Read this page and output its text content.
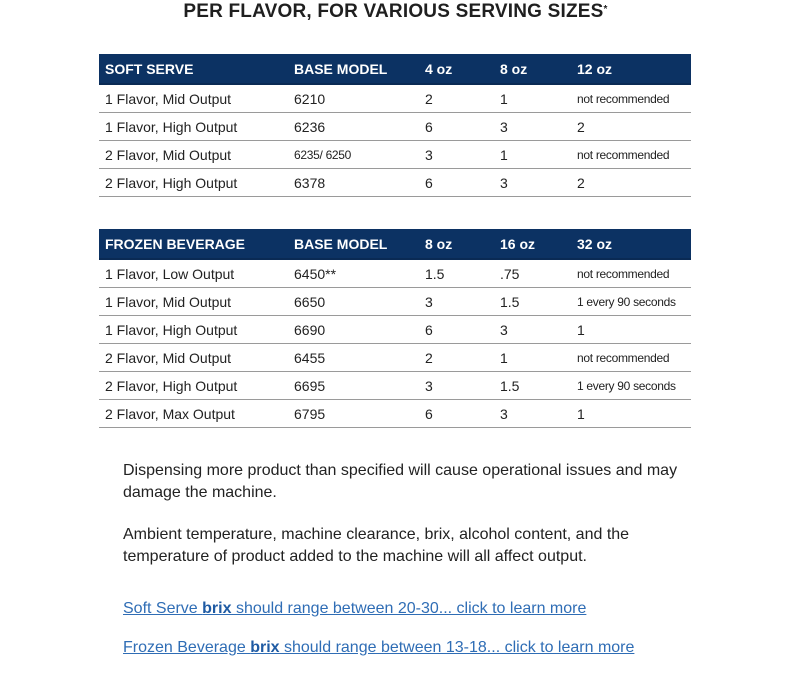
PER FLAVOR, FOR VARIOUS SERVING SIZES*
SOFT SERVE	BASE MODEL	4 oz	8 oz	12 oz
1 Flavor, Mid Output	6210	2	1	not recommended
1 Flavor, High Output	6236	6	3	2
2 Flavor, Mid Output	6235/ 6250	3	1	not recommended
2 Flavor, High Output	6378	6	3	2
FROZEN BEVERAGE	BASE MODEL	8 oz	16 oz	32 oz
1 Flavor, Low Output	6450**	1.5	.75	not recommended
1 Flavor, Mid Output	6650	3	1.5	1 every 90 seconds
1 Flavor, High Output	6690	6	3	1
2 Flavor, Mid Output	6455	2	1	not recommended
2 Flavor, High Output	6695	3	1.5	1 every 90 seconds
2 Flavor, Max Output	6795	6	3	1

Dispensing more product than specified will cause operational issues and may damage the machine.

Ambient temperature, machine clearance, brix, alcohol content, and the temperature of product added to the machine will all affect output.

Soft Serve brix should range between 20-30... click to learn more
Frozen Beverage brix should range between 13-18... click to learn more
